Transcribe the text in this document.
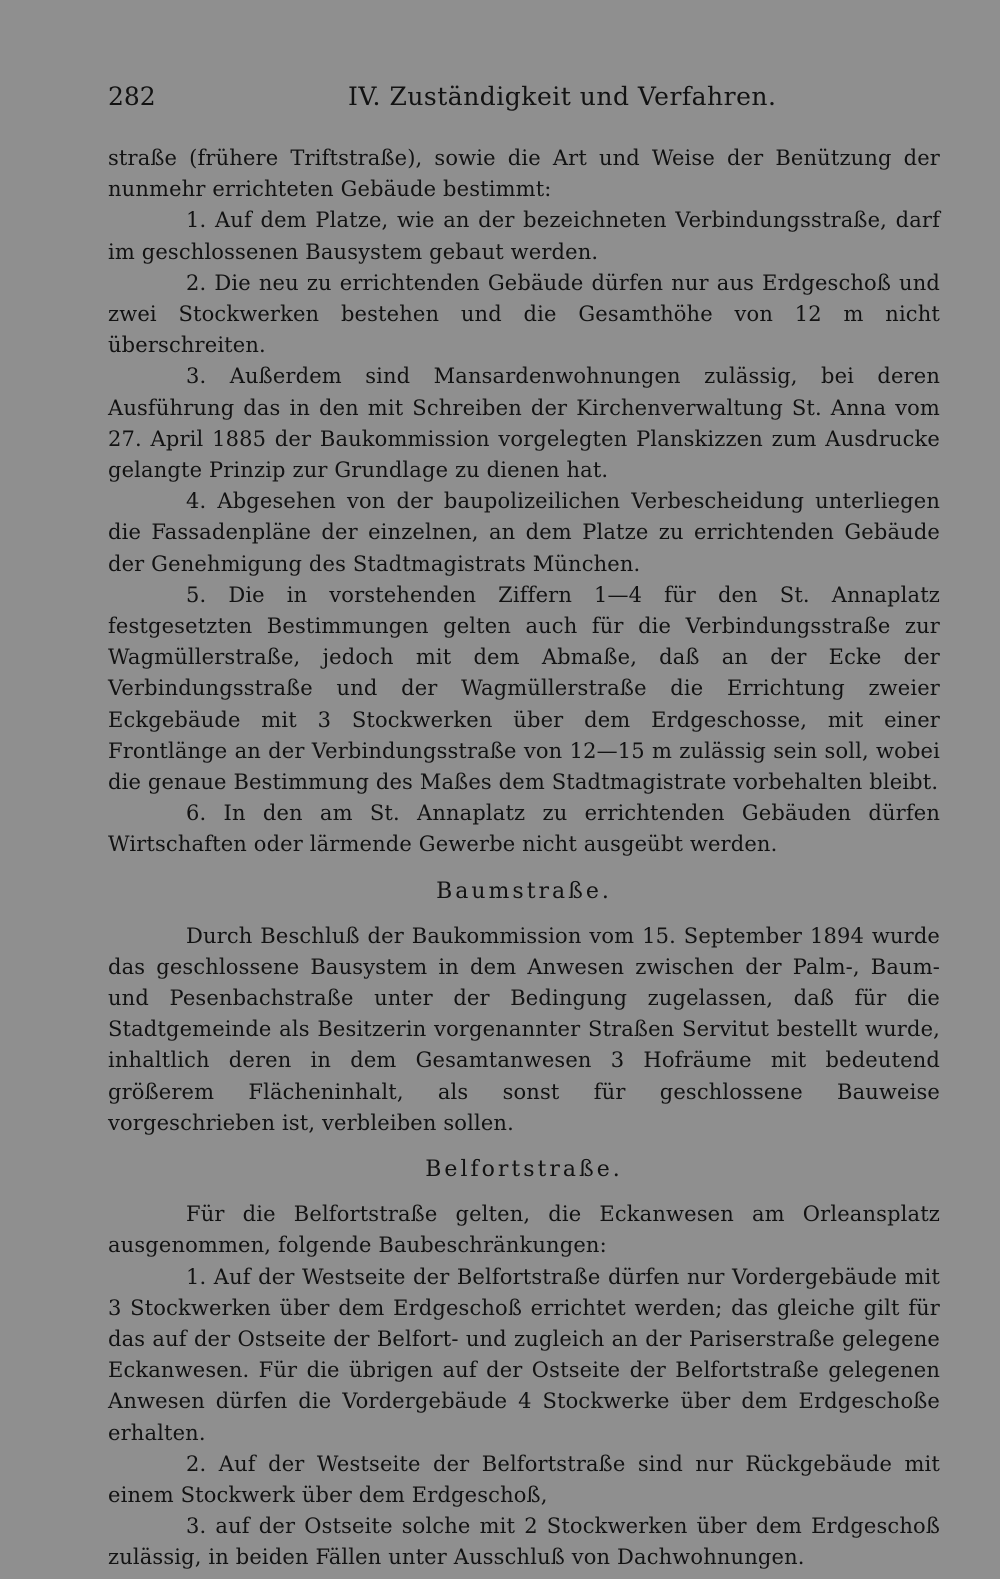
282	IV. Zuständigkeit und Verfahren.

straße (frühere Triftstraße), sowie die Art und Weise der Benützung der nunmehr errichteten Gebäude bestimmt:

1. Auf dem Platze, wie an der bezeichneten Verbindungsstraße, darf im geschlossenen Bausystem gebaut werden.

2. Die neu zu errichtenden Gebäude dürfen nur aus Erdgeschoß und zwei Stockwerken bestehen und die Gesamthöhe von 12 m nicht überschreiten.

3. Außerdem sind Mansardenwohnungen zulässig, bei deren Ausführung das in den mit Schreiben der Kirchenverwaltung St. Anna vom 27. April 1885 der Baukommission vorgelegten Planskizzen zum Ausdrucke gelangte Prinzip zur Grundlage zu dienen hat.

4. Abgesehen von der baupolizeilichen Verbescheidung unterliegen die Fassadenpläne der einzelnen, an dem Platze zu errichtenden Gebäude der Genehmigung des Stadtmagistrats München.

5. Die in vorstehenden Ziffern 1—4 für den St. Annaplatz festgesetzten Bestimmungen gelten auch für die Verbindungsstraße zur Wagmüllerstraße, jedoch mit dem Abmaße, daß an der Ecke der Verbindungsstraße und der Wagmüllerstraße die Errichtung zweier Eckgebäude mit 3 Stockwerken über dem Erdgeschosse, mit einer Frontlänge an der Verbindungsstraße von 12—15 m zulässig sein soll, wobei die genaue Bestimmung des Maßes dem Stadtmagistrate vorbehalten bleibt.

6. In den am St. Annaplatz zu errichtenden Gebäuden dürfen Wirtschaften oder lärmende Gewerbe nicht ausgeübt werden.

Baumstraße.

Durch Beschluß der Baukommission vom 15. September 1894 wurde das geschlossene Bausystem in dem Anwesen zwischen der Palm-, Baum- und Pesenbachstraße unter der Bedingung zugelassen, daß für die Stadtgemeinde als Besitzerin vorgenannter Straßen Servitut bestellt wurde, inhaltlich deren in dem Gesamtanwesen 3 Hofräume mit bedeutend größerem Flächeninhalt, als sonst für geschlossene Bauweise vorgeschrieben ist, verbleiben sollen.

Belfortstraße.

Für die Belfortstraße gelten, die Eckanwesen am Orleansplatz ausgenommen, folgende Baubeschränkungen:

1. Auf der Westseite der Belfortstraße dürfen nur Vordergebäude mit 3 Stockwerken über dem Erdgeschoß errichtet werden; das gleiche gilt für das auf der Ostseite der Belfort- und zugleich an der Pariserstraße gelegene Eckanwesen. Für die übrigen auf der Ostseite der Belfortstraße gelegenen Anwesen dürfen die Vordergebäude 4 Stockwerke über dem Erdgeschoße erhalten.

2. Auf der Westseite der Belfortstraße sind nur Rückgebäude mit einem Stockwerk über dem Erdgeschoß,

3. auf der Ostseite solche mit 2 Stockwerken über dem Erdgeschoß zulässig, in beiden Fällen unter Ausschluß von Dachwohnungen.
